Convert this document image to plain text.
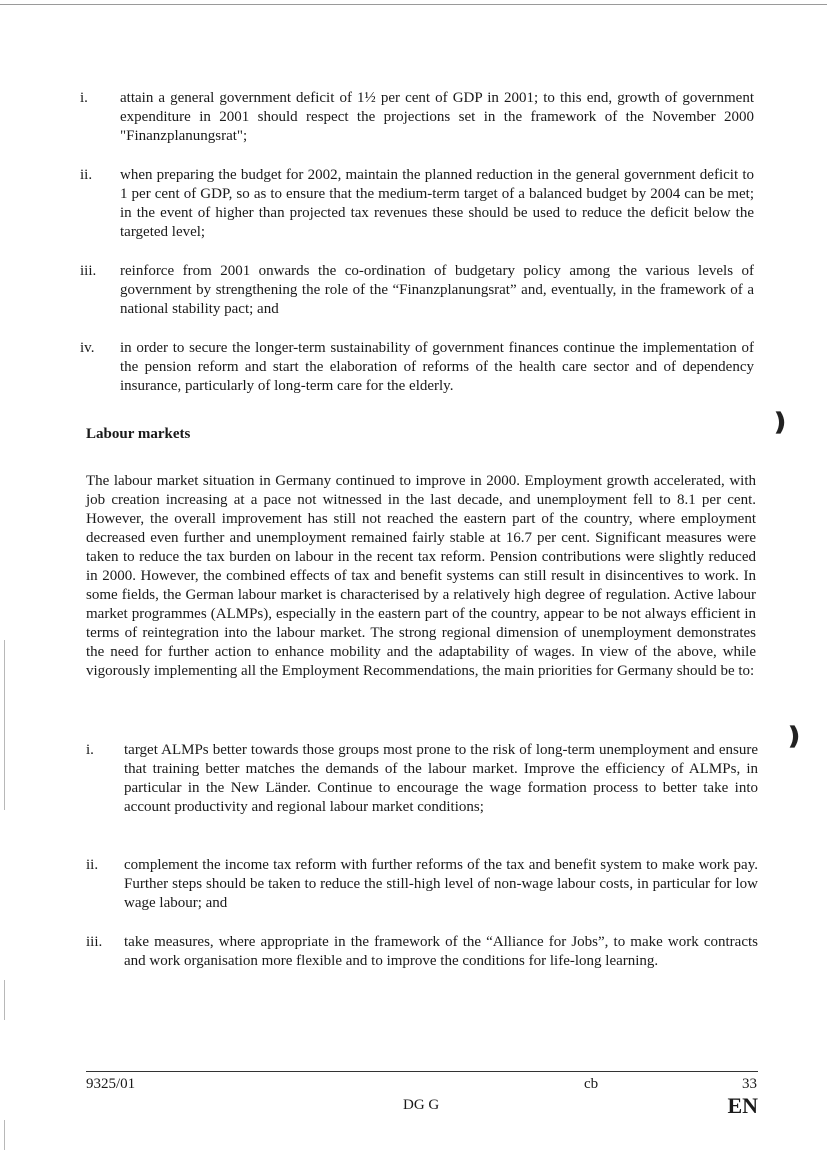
i. attain a general government deficit of 1½ per cent of GDP in 2001; to this end, growth of government expenditure in 2001 should respect the projections set in the framework of the November 2000 "Finanzplanungsrat";
ii. when preparing the budget for 2002, maintain the planned reduction in the general government deficit to 1 per cent of GDP, so as to ensure that the medium-term target of a balanced budget by 2004 can be met; in the event of higher than projected tax revenues these should be used to reduce the deficit below the targeted level;
iii. reinforce from 2001 onwards the co-ordination of budgetary policy among the various levels of government by strengthening the role of the “Finanzplanungsrat” and, eventually, in the framework of a national stability pact; and
iv. in order to secure the longer-term sustainability of government finances continue the implementation of the pension reform and start the elaboration of reforms of the health care sector and of dependency insurance, particularly of long-term care for the elderly.
❫
Labour markets
The labour market situation in Germany continued to improve in 2000. Employment growth accelerated, with job creation increasing at a pace not witnessed in the last decade, and unemployment fell to 8.1 per cent. However, the overall improvement has still not reached the eastern part of the country, where employment decreased even further and unemployment remained fairly stable at 16.7 per cent. Significant measures were taken to reduce the tax burden on labour in the recent tax reform. Pension contributions were slightly reduced in 2000. However, the combined effects of tax and benefit systems can still result in disincentives to work. In some fields, the German labour market is characterised by a relatively high degree of regulation. Active labour market programmes (ALMPs), especially in the eastern part of the country, appear to be not always efficient in terms of reintegration into the labour market. The strong regional dimension of unemployment demonstrates the need for further action to enhance mobility and the adaptability of wages. In view of the above, while vigorously implementing all the Employment Recommendations, the main priorities for Germany should be to:
❫
i. target ALMPs better towards those groups most prone to the risk of long-term unemployment and ensure that training better matches the demands of the labour market. Improve the efficiency of ALMPs, in particular in the New Länder. Continue to encourage the wage formation process to better take into account productivity and regional labour market conditions;
ii. complement the income tax reform with further reforms of the tax and benefit system to make work pay. Further steps should be taken to reduce the still-high level of non-wage labour costs, in particular for low wage labour; and
iii. take measures, where appropriate in the framework of the “Alliance for Jobs”, to make work contracts and work organisation more flexible and to improve the conditions for life-long learning.
9325/01	cb	33
DG G	EN
